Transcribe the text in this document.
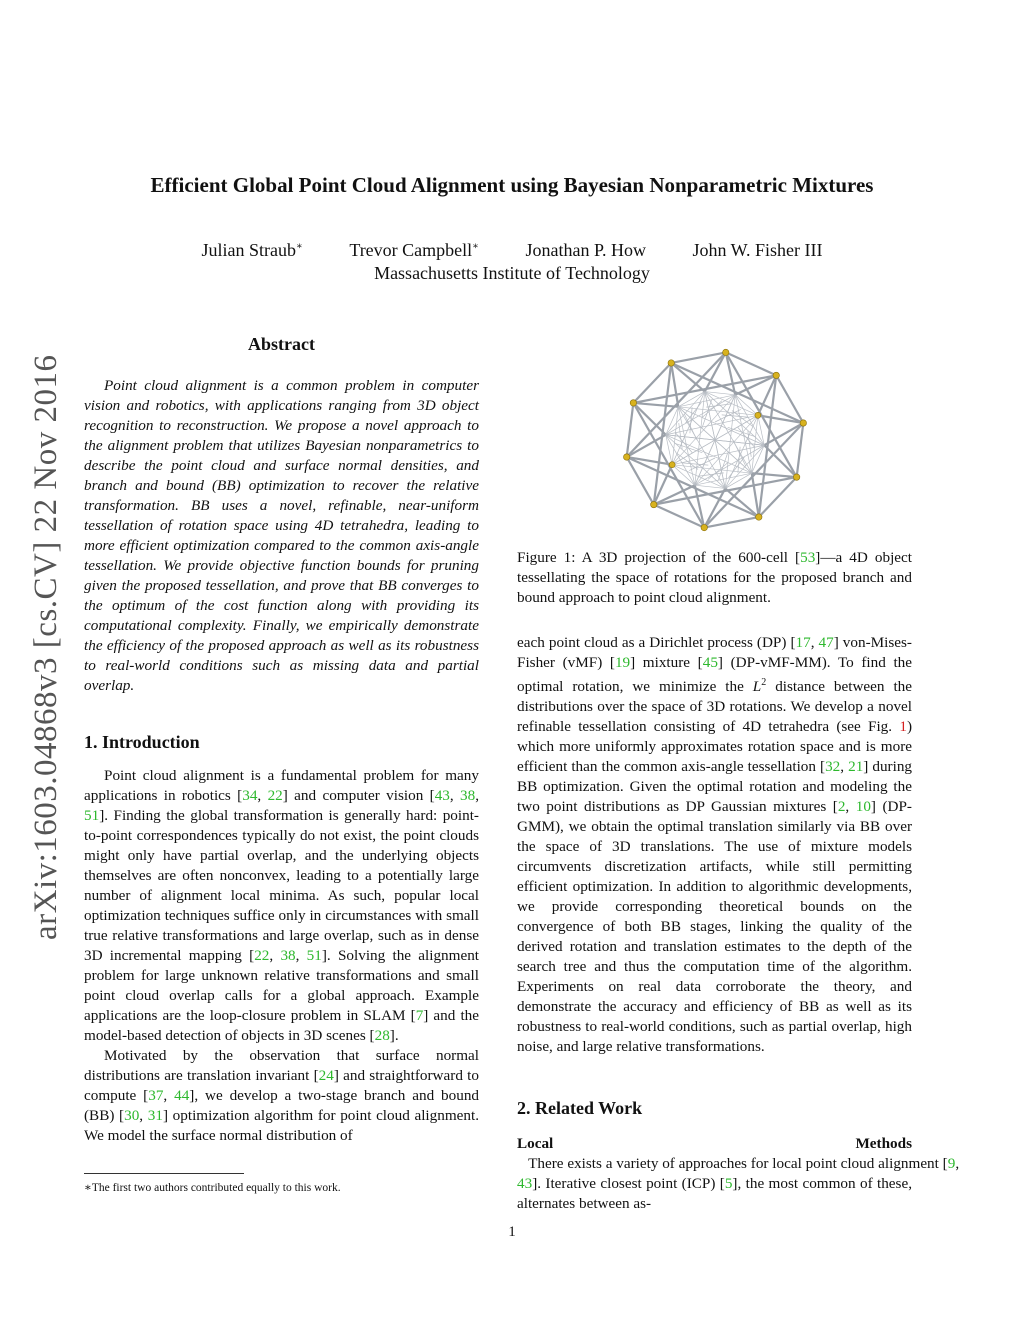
arXiv:1603.04868v3 [cs.CV] 22 Nov 2016
Efficient Global Point Cloud Alignment using Bayesian Nonparametric Mixtures
Julian Straub∗	Trevor Campbell∗	Jonathan P. How	John W. Fisher III
Massachusetts Institute of Technology
Abstract
Point cloud alignment is a common problem in computer vision and robotics, with applications ranging from 3D object recognition to reconstruction. We propose a novel approach to the alignment problem that utilizes Bayesian nonparametrics to describe the point cloud and surface normal densities, and branch and bound (BB) optimization to recover the relative transformation. BB uses a novel, refinable, near-uniform tessellation of rotation space using 4D tetrahedra, leading to more efficient optimization compared to the common axis-angle tessellation. We provide objective function bounds for pruning given the proposed tessellation, and prove that BB converges to the optimum of the cost function along with providing its computational complexity. Finally, we empirically demonstrate the efficiency of the proposed approach as well as its robustness to real-world conditions such as missing data and partial overlap.
1. Introduction

Point cloud alignment is a fundamental problem for many applications in robotics [34, 22] and computer vision [43, 38, 51]. Finding the global transformation is generally hard: point-to-point correspondences typically do not exist, the point clouds might only have partial overlap, and the underlying objects themselves are often nonconvex, leading to a potentially large number of alignment local minima. As such, popular local optimization techniques suffice only in circumstances with small true relative transformations and large overlap, such as in dense 3D incremental mapping [22, 38, 51]. Solving the alignment problem for large unknown relative transformations and small point cloud overlap calls for a global approach. Example applications are the loop-closure problem in SLAM [7] and the model-based detection of objects in 3D scenes [28].

Motivated by the observation that surface normal distributions are translation invariant [24] and straightforward to compute [37, 44], we develop a two-stage branch and bound (BB) [30, 31] optimization algorithm for point cloud alignment. We model the surface normal distribution of

∗The first two authors contributed equally to this work.

Figure 1: A 3D projection of the 600-cell [53]—a 4D object tessellating the space of rotations for the proposed branch and bound approach to point cloud alignment.

each point cloud as a Dirichlet process (DP) [17, 47] von-Mises-Fisher (vMF) [19] mixture [45] (DP-vMF-MM). To find the optimal rotation, we minimize the $L^2$ distance between the distributions over the space of 3D rotations. We develop a novel refinable tessellation consisting of 4D tetrahedra (see Fig. 1) which more uniformly approximates rotation space and is more efficient than the common axis-angle tessellation [32, 21] during BB optimization. Given the optimal rotation and modeling the two point distributions as DP Gaussian mixtures [2, 10] (DP-GMM), we obtain the optimal translation similarly via BB over the space of 3D translations. The use of mixture models circumvents discretization artifacts, while still permitting efficient optimization. In addition to algorithmic developments, we provide corresponding theoretical bounds on the convergence of both BB stages, linking the quality of the derived rotation and translation estimates to the depth of the search tree and thus the computation time of the algorithm. Experiments on real data corroborate the theory, and demonstrate the accuracy and efficiency of BB as well as its robustness to real-world conditions, such as partial overlap, high noise, and large relative transformations.

2. Related Work

Local Methods   There exists a variety of approaches for local point cloud alignment [9, 43]. Iterative closest point (ICP) [5], the most common of these, alternates between as-

1
